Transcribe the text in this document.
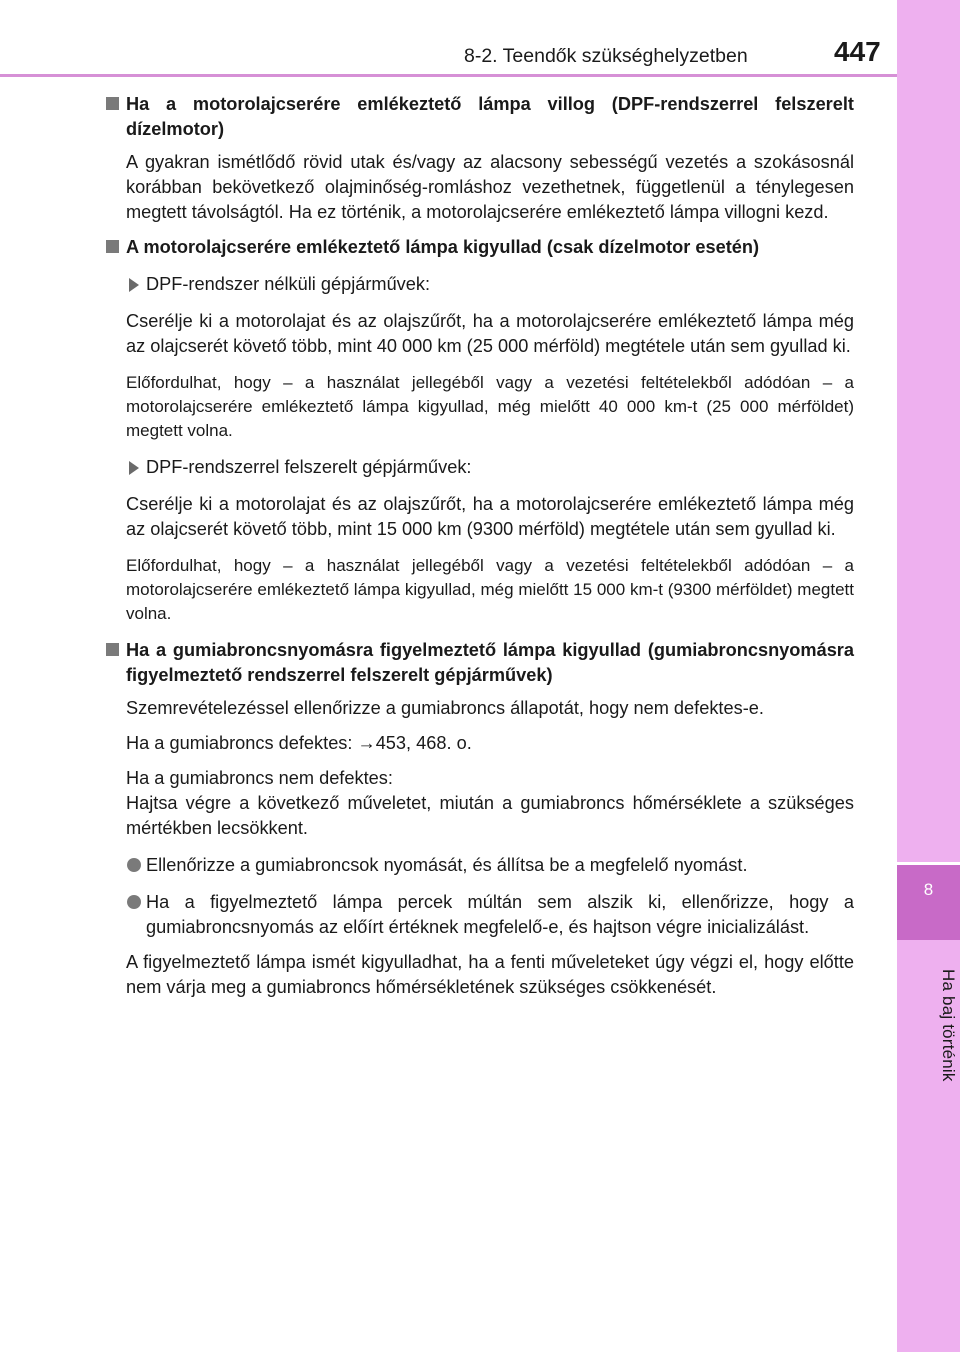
8
Ha baj történik
8-2. Teendők szükséghelyzetben	447

Ha a motorolajcserére emlékeztető lámpa villog (DPF-rendszerrel felszerelt dízelmotor)

A gyakran ismétlődő rövid utak és/vagy az alacsony sebességű vezetés a szokásosnál korábban bekövetkező olajminőség-romláshoz vezethetnek, függetlenül a ténylegesen megtett távolságtól. Ha ez történik, a motorolajcserére emlékeztető lámpa villogni kezd.

A motorolajcserére emlékeztető lámpa kigyullad (csak dízelmotor esetén)

DPF-rendszer nélküli gépjárművek:

Cserélje ki a motorolajat és az olajszűrőt, ha a motorolajcserére emlékeztető lámpa még az olajcserét követő több, mint 40 000 km (25 000 mérföld) megtétele után sem gyullad ki.

Előfordulhat, hogy – a használat jellegéből vagy a vezetési feltételekből adódóan – a motorolajcserére emlékeztető lámpa kigyullad, még mielőtt 40 000 km-t (25 000 mérföldet) megtett volna.

DPF-rendszerrel felszerelt gépjárművek:

Cserélje ki a motorolajat és az olajszűrőt, ha a motorolajcserére emlékeztető lámpa még az olajcserét követő több, mint 15 000 km (9300 mérföld) megtétele után sem gyullad ki.

Előfordulhat, hogy – a használat jellegéből vagy a vezetési feltételekből adódóan – a motorolajcserére emlékeztető lámpa kigyullad, még mielőtt 15 000 km-t (9300 mérföldet) megtett volna.

Ha a gumiabroncsnyomásra figyelmeztető lámpa kigyullad (gumiabroncsnyomásra figyelmeztető rendszerrel felszerelt gépjárművek)

Szemrevételezéssel ellenőrizze a gumiabroncs állapotát, hogy nem defektes-e.

Ha a gumiabroncs defektes: →453, 468. o.

Ha a gumiabroncs nem defektes:

Hajtsa végre a következő műveletet, miután a gumiabroncs hőmérséklete a szükséges mértékben lecsökkent.

Ellenőrizze a gumiabroncsok nyomását, és állítsa be a megfelelő nyomást.

Ha a figyelmeztető lámpa percek múltán sem alszik ki, ellenőrizze, hogy a gumiabroncsnyomás az előírt értéknek megfelelő-e, és hajtson végre inicializálást.

A figyelmeztető lámpa ismét kigyulladhat, ha a fenti műveleteket úgy végzi el, hogy előtte nem várja meg a gumiabroncs hőmérsékletének szükséges csökkenését.
